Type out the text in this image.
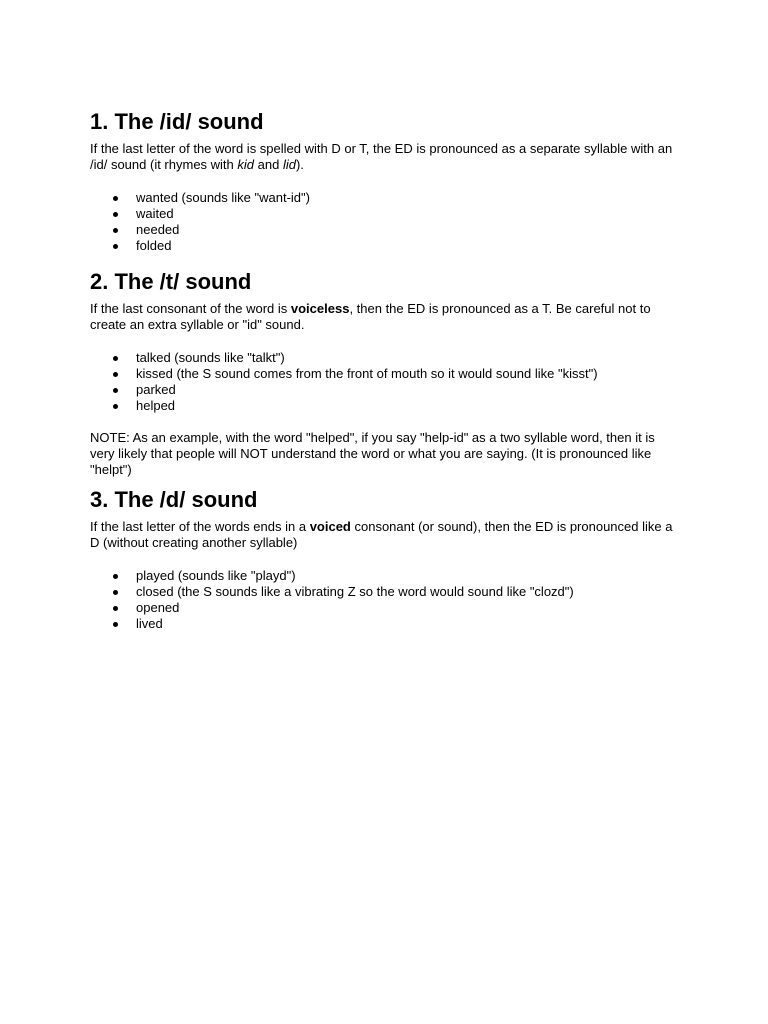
1. The /id/ sound

If the last letter of the word is spelled with D or T, the ED is pronounced as a separate syllable with an /id/ sound (it rhymes with kid and lid).

wanted (sounds like "want-id")
waited
needed
folded
2. The /t/ sound

If the last consonant of the word is voiceless, then the ED is pronounced as a T. Be careful not to create an extra syllable or "id" sound.

talked (sounds like "talkt")
kissed (the S sound comes from the front of mouth so it would sound like "kisst")
parked
helped

NOTE: As an example, with the word "helped", if you say "help-id" as a two syllable word, then it is very likely that people will NOT understand the word or what you are saying. (It is pronounced like "helpt")

3. The /d/ sound

If the last letter of the words ends in a voiced consonant (or sound), then the ED is pronounced like a D (without creating another syllable)

played (sounds like "playd")
closed (the S sounds like a vibrating Z so the word would sound like "clozd")
opened
lived
